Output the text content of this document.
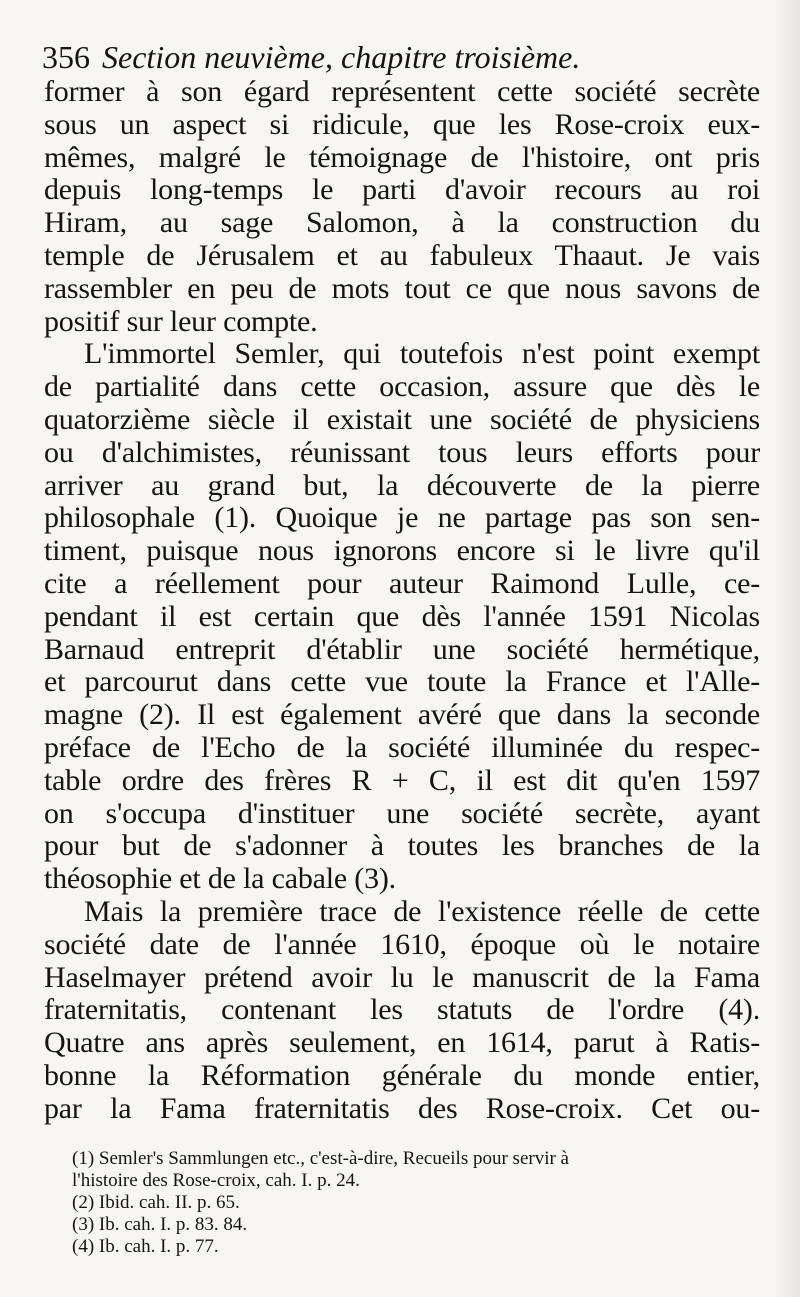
356 Section neuvième, chapitre troisième.
former à son égard représentent cette société secrète
sous un aspect si ridicule, que les Rose-croix eux-
mêmes, malgré le témoignage de l'histoire, ont pris
depuis long-temps le parti d'avoir recours au roi
Hiram, au sage Salomon, à la construction du
temple de Jérusalem et au fabuleux Thaaut. Je vais
rassembler en peu de mots tout ce que nous savons de
positif sur leur compte.
L'immortel Semler, qui toutefois n'est point exempt
de partialité dans cette occasion, assure que dès le
quatorzième siècle il existait une société de physiciens
ou d'alchimistes, réunissant tous leurs efforts pour
arriver au grand but, la découverte de la pierre
philosophale (1). Quoique je ne partage pas son sen-
timent, puisque nous ignorons encore si le livre qu'il
cite a réellement pour auteur Raimond Lulle, ce-
pendant il est certain que dès l'année 1591 Nicolas
Barnaud entreprit d'établir une société hermétique,
et parcourut dans cette vue toute la France et l'Alle-
magne (2). Il est également avéré que dans la seconde
préface de l'Echo de la société illuminée du respec-
table ordre des frères R + C, il est dit qu'en 1597
on s'occupa d'instituer une société secrète, ayant
pour but de s'adonner à toutes les branches de la
théosophie et de la cabale (3).
Mais la première trace de l'existence réelle de cette
société date de l'année 1610, époque où le notaire
Haselmayer prétend avoir lu le manuscrit de la Fama
fraternitatis, contenant les statuts de l'ordre (4).
Quatre ans après seulement, en 1614, parut à Ratis-
bonne la Réformation générale du monde entier,
par la Fama fraternitatis des Rose-croix. Cet ou-
(1) Semler's Sammlungen etc., c'est-à-dire, Recueils pour servir à
l'histoire des Rose-croix, cah. I. p. 24.
(2) Ibid. cah. II. p. 65.
(3) Ib. cah. I. p. 83. 84.
(4) Ib. cah. I. p. 77.
